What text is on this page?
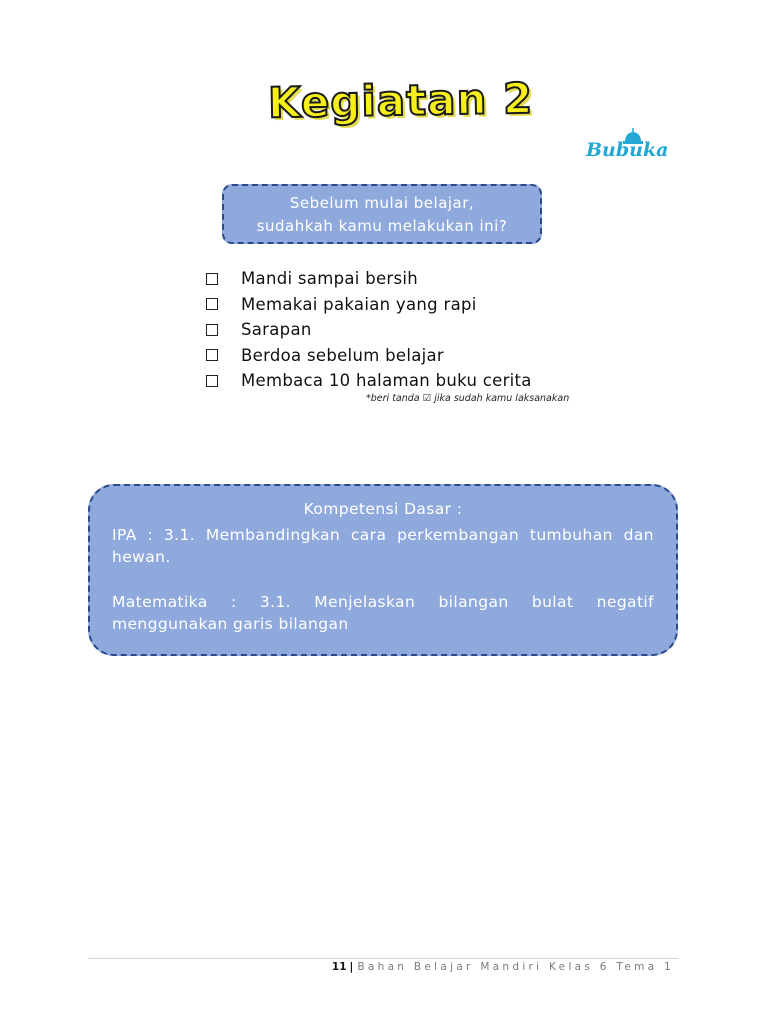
Kegiatan 2
Bubuka
Sebelum mulai belajar,
sudahkah kamu melakukan ini?
Mandi sampai bersih
Memakai pakaian yang rapi
Sarapan
Berdoa sebelum belajar
Membaca 10 halaman buku cerita
*beri tanda ☑ jika sudah kamu laksanakan
Kompetensi Dasar :
IPA : 3.1. Membandingkan cara perkembangan tumbuhan dan hewan.
Matematika : 3.1. Menjelaskan bilangan bulat negatif menggunakan garis bilangan
11 | Bahan Belajar Mandiri Kelas 6 Tema 1
